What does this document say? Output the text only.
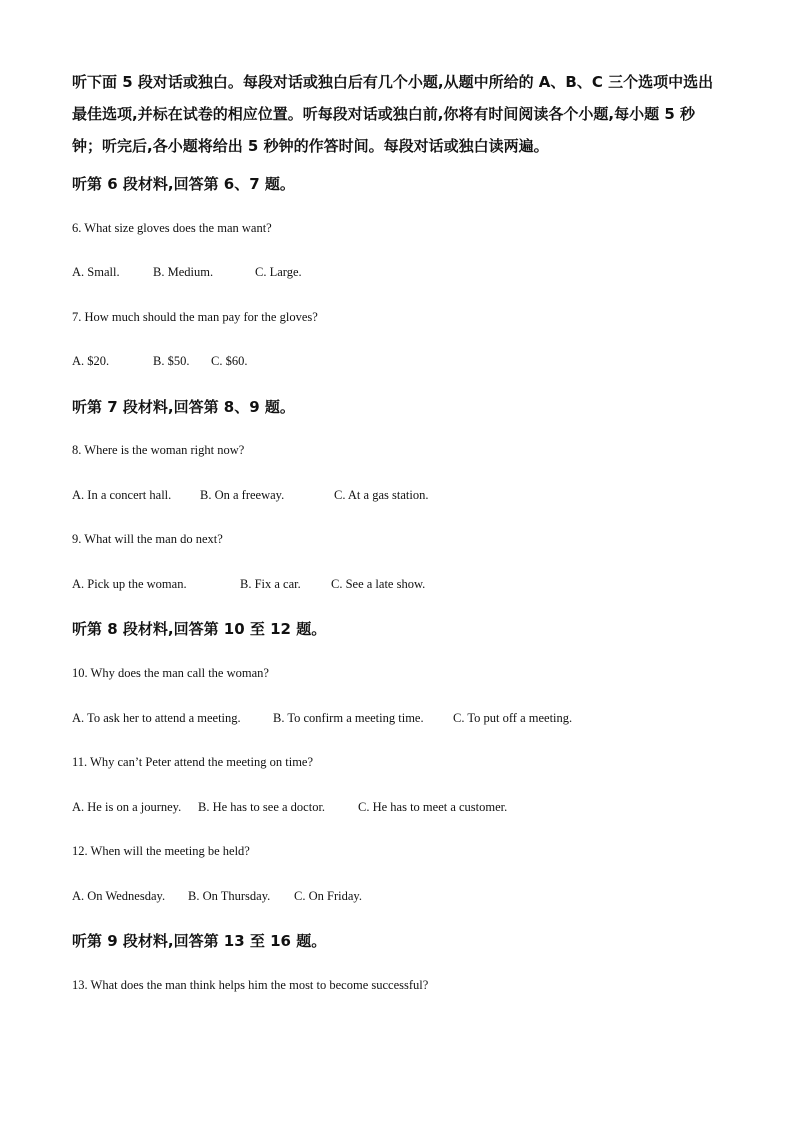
听下面 5 段对话或独白。每段对话或独白后有几个小题,从题中所给的 A、B、C 三个选项中选出最佳选项,并标在试卷的相应位置。听每段对话或独白前,你将有时间阅读各个小题,每小题 5 秒钟；听完后,各小题将给出 5 秒钟的作答时间。每段对话或独白读两遍。
听第 6 段材料,回答第 6、7 题。
6. What size gloves does the man want?
A. Small.	B. Medium.	C. Large.
7. How much should the man pay for the gloves?
A. $20.	B. $50. C. $60.
听第 7 段材料,回答第 8、9 题。
8. Where is the woman right now?
A. In a concert hall. B. On a freeway.	C. At a gas station.
9. What will the man do next?
A. Pick up the woman.	B. Fix a car. C. See a late show.
听第 8 段材料,回答第 10 至 12 题。
10. Why does the man call the woman?
A. To ask her to attend a meeting.	B. To confirm a meeting time. C. To put off a meeting.
11. Why can’t Peter attend the meeting on time?
A. He is on a journey. B. He has to see a doctor.	C. He has to meet a customer.
12. When will the meeting be held?
A. On Wednesday. B. On Thursday. C. On Friday.
听第 9 段材料,回答第 13 至 16 题。
13. What does the man think helps him the most to become successful?
